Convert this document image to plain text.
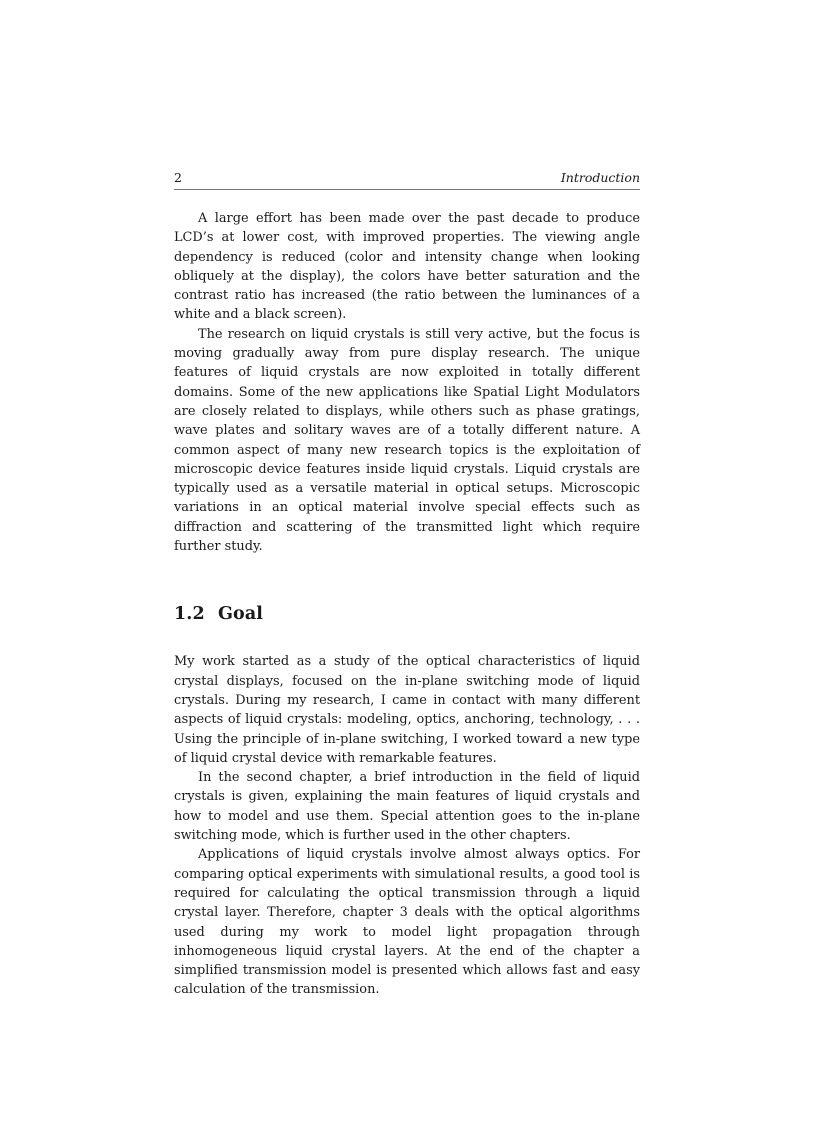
2	Introduction

A large effort has been made over the past decade to produce LCD’s at lower cost, with improved properties. The viewing angle dependency is reduced (color and intensity change when looking obliquely at the display), the colors have better saturation and the contrast ratio has increased (the ratio between the luminances of a white and a black screen).

The research on liquid crystals is still very active, but the focus is moving gradually away from pure display research. The unique features of liquid crystals are now exploited in totally different domains. Some of the new applications like Spatial Light Modulators are closely related to displays, while others such as phase gratings, wave plates and solitary waves are of a totally different nature. A common aspect of many new research topics is the exploitation of microscopic device features inside liquid crystals. Liquid crystals are typically used as a versatile material in optical setups. Microscopic variations in an optical material involve special effects such as diffraction and scattering of the transmitted light which require further study.

1.2 Goal

My work started as a study of the optical characteristics of liquid crystal displays, focused on the in-plane switching mode of liquid crystals. During my research, I came in contact with many different aspects of liquid crystals: modeling, optics, anchoring, technology, . . . Using the principle of in-plane switching, I worked toward a new type of liquid crystal device with remarkable features.

In the second chapter, a brief introduction in the field of liquid crystals is given, explaining the main features of liquid crystals and how to model and use them. Special attention goes to the in-plane switching mode, which is further used in the other chapters.

Applications of liquid crystals involve almost always optics. For comparing optical experiments with simulational results, a good tool is required for calculating the optical transmission through a liquid crystal layer. Therefore, chapter 3 deals with the optical algorithms used during my work to model light propagation through inhomogeneous liquid crystal layers. At the end of the chapter a simplified transmission model is presented which allows fast and easy calculation of the transmission.
